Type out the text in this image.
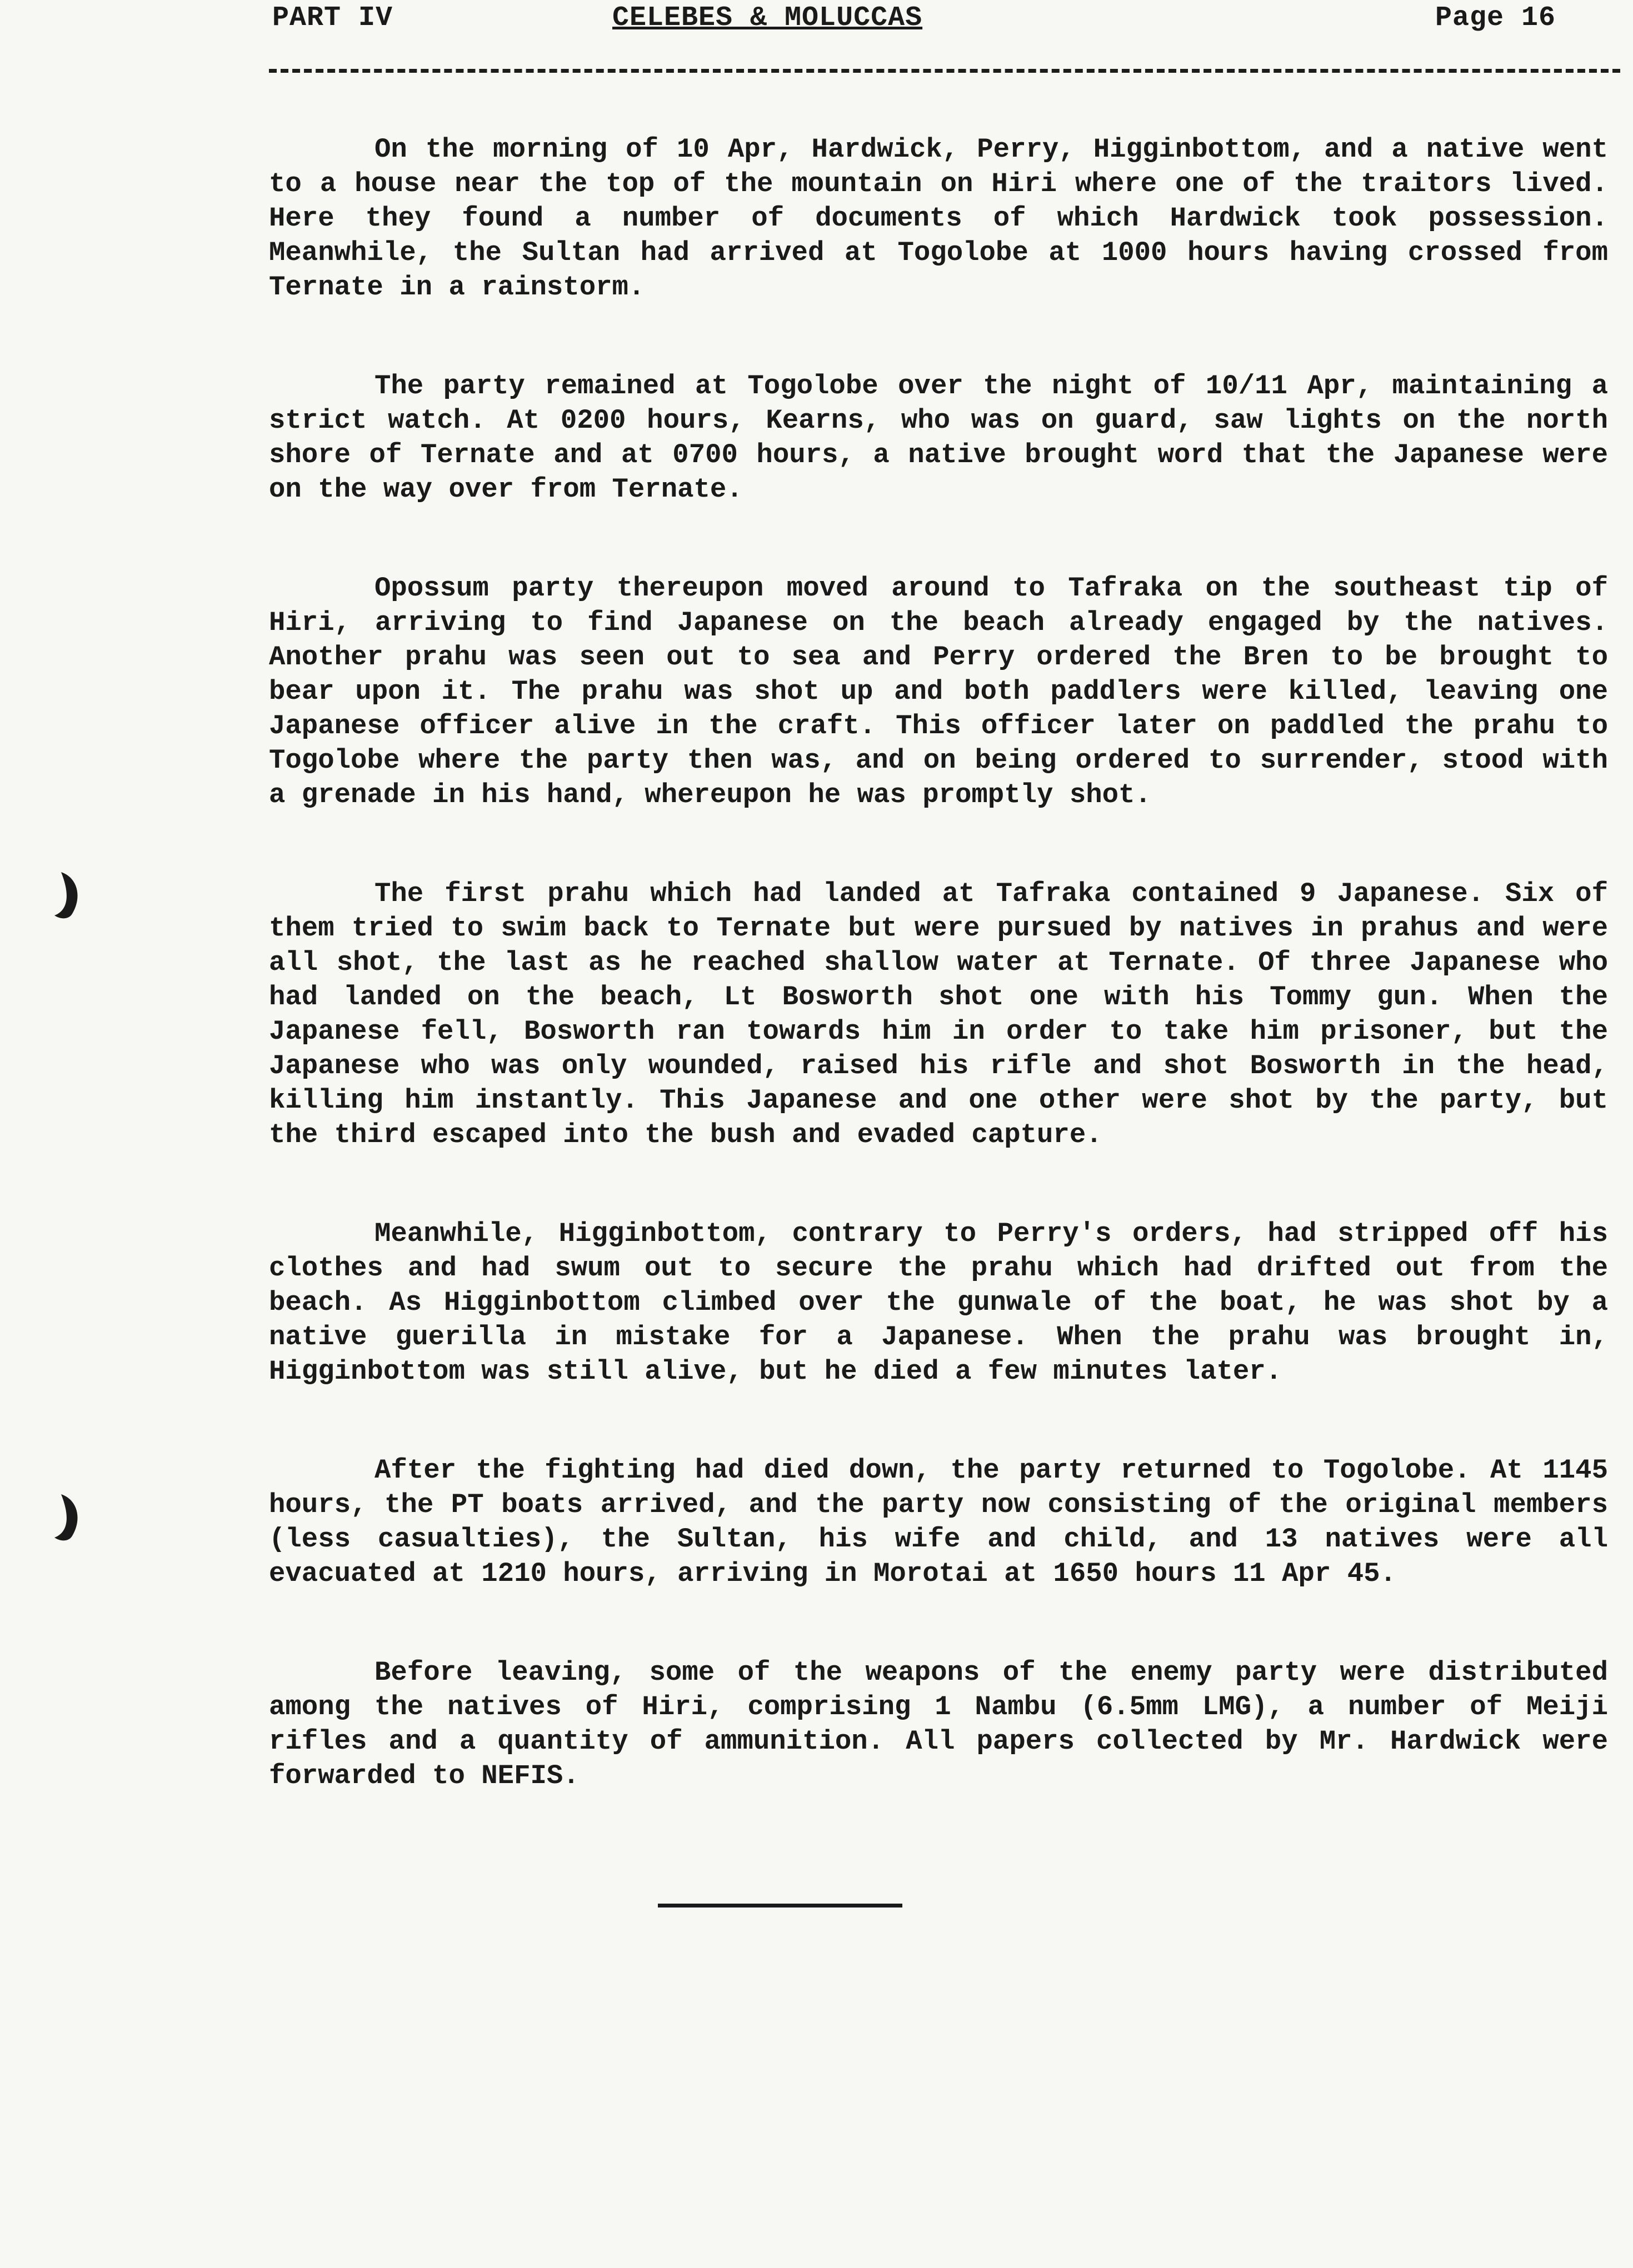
PART IV	CELEBES & MOLUCCAS	Page 16

On the morning of 10 Apr, Hardwick, Perry, Higginbottom, and a native went to a house near the top of the mountain on Hiri where one of the traitors lived. Here they found a number of documents of which Hardwick took possession. Meanwhile, the Sultan had arrived at Togolobe at 1000 hours having crossed from Ternate in a rainstorm.

The party remained at Togolobe over the night of 10/11 Apr, maintaining a strict watch. At 0200 hours, Kearns, who was on guard, saw lights on the north shore of Ternate and at 0700 hours, a native brought word that the Japanese were on the way over from Ternate.

Opossum party thereupon moved around to Tafraka on the southeast tip of Hiri, arriving to find Japanese on the beach already engaged by the natives. Another prahu was seen out to sea and Perry ordered the Bren to be brought to bear upon it. The prahu was shot up and both paddlers were killed, leaving one Japanese officer alive in the craft. This officer later on paddled the prahu to Togolobe where the party then was, and on being ordered to surrender, stood with a grenade in his hand, whereupon he was promptly shot.

The first prahu which had landed at Tafraka contained 9 Japanese. Six of them tried to swim back to Ternate but were pursued by natives in prahus and were all shot, the last as he reached shallow water at Ternate. Of three Japanese who had landed on the beach, Lt Bosworth shot one with his Tommy gun. When the Japanese fell, Bosworth ran towards him in order to take him prisoner, but the Japanese who was only wounded, raised his rifle and shot Bosworth in the head, killing him instantly. This Japanese and one other were shot by the party, but the third escaped into the bush and evaded capture.

Meanwhile, Higginbottom, contrary to Perry's orders, had stripped off his clothes and had swum out to secure the prahu which had drifted out from the beach. As Higginbottom climbed over the gunwale of the boat, he was shot by a native guerilla in mistake for a Japanese. When the prahu was brought in, Higginbottom was still alive, but he died a few minutes later.

After the fighting had died down, the party returned to Togolobe. At 1145 hours, the PT boats arrived, and the party now consisting of the original members (less casualties), the Sultan, his wife and child, and 13 natives were all evacuated at 1210 hours, arriving in Morotai at 1650 hours 11 Apr 45.

Before leaving, some of the weapons of the enemy party were distributed among the natives of Hiri, comprising 1 Nambu (6.5mm LMG), a number of Meiji rifles and a quantity of ammunition. All papers collected by Mr. Hardwick were forwarded to NEFIS.
